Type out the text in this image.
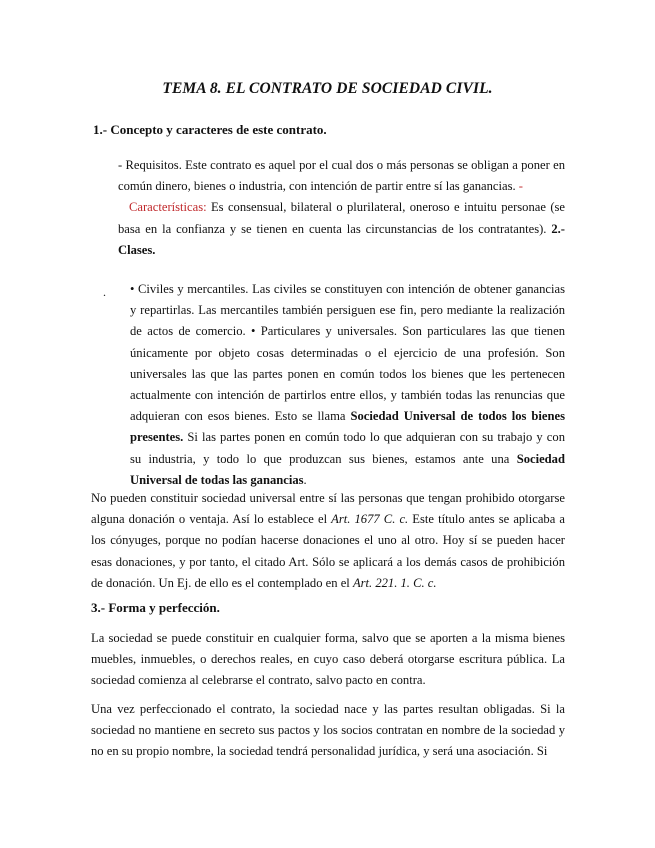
TEMA 8. EL CONTRATO DE SOCIEDAD CIVIL.
1.- Concepto y caracteres de este contrato.
- Requisitos. Este contrato es aquel por el cual dos o más personas se obligan a poner en común dinero, bienes o industria, con intención de partir entre sí las ganancias. -
Características: Es consensual, bilateral o plurilateral, oneroso e intuitu personae (se basa en la confianza y se tienen en cuenta las circunstancias de los contratantes). 2.- Clases.
. • Civiles y mercantiles. Las civiles se constituyen con intención de obtener ganancias y repartirlas. Las mercantiles también persiguen ese fin, pero mediante la realización de actos de comercio. • Particulares y universales. Son particulares las que tienen únicamente por objeto cosas determinadas o el ejercicio de una profesión. Son universales las que las partes ponen en común todos los bienes que les pertenecen actualmente con intención de partirlos entre ellos, y también todas las renuncias que adquieran con esos bienes. Esto se llama Sociedad Universal de todos los bienes presentes. Si las partes ponen en común todo lo que adquieran con su trabajo y con su industria, y todo lo que produzcan sus bienes, estamos ante una Sociedad Universal de todas las ganancias.
No pueden constituir sociedad universal entre sí las personas que tengan prohibido otorgarse alguna donación o ventaja. Así lo establece el Art. 1677 C. c. Este título antes se aplicaba a los cónyuges, porque no podían hacerse donaciones el uno al otro. Hoy sí se pueden hacer esas donaciones, y por tanto, el citado Art. Sólo se aplicará a los demás casos de prohibición de donación. Un Ej. de ello es el contemplado en el Art. 221. 1. C. c.
3.- Forma y perfección.
La sociedad se puede constituir en cualquier forma, salvo que se aporten a la misma bienes muebles, inmuebles, o derechos reales, en cuyo caso deberá otorgarse escritura pública. La sociedad comienza al celebrarse el contrato, salvo pacto en contra.
Una vez perfeccionado el contrato, la sociedad nace y las partes resultan obligadas. Si la sociedad no mantiene en secreto sus pactos y los socios contratan en nombre de la sociedad y no en su propio nombre, la sociedad tendrá personalidad jurídica, y será una asociación. Si
